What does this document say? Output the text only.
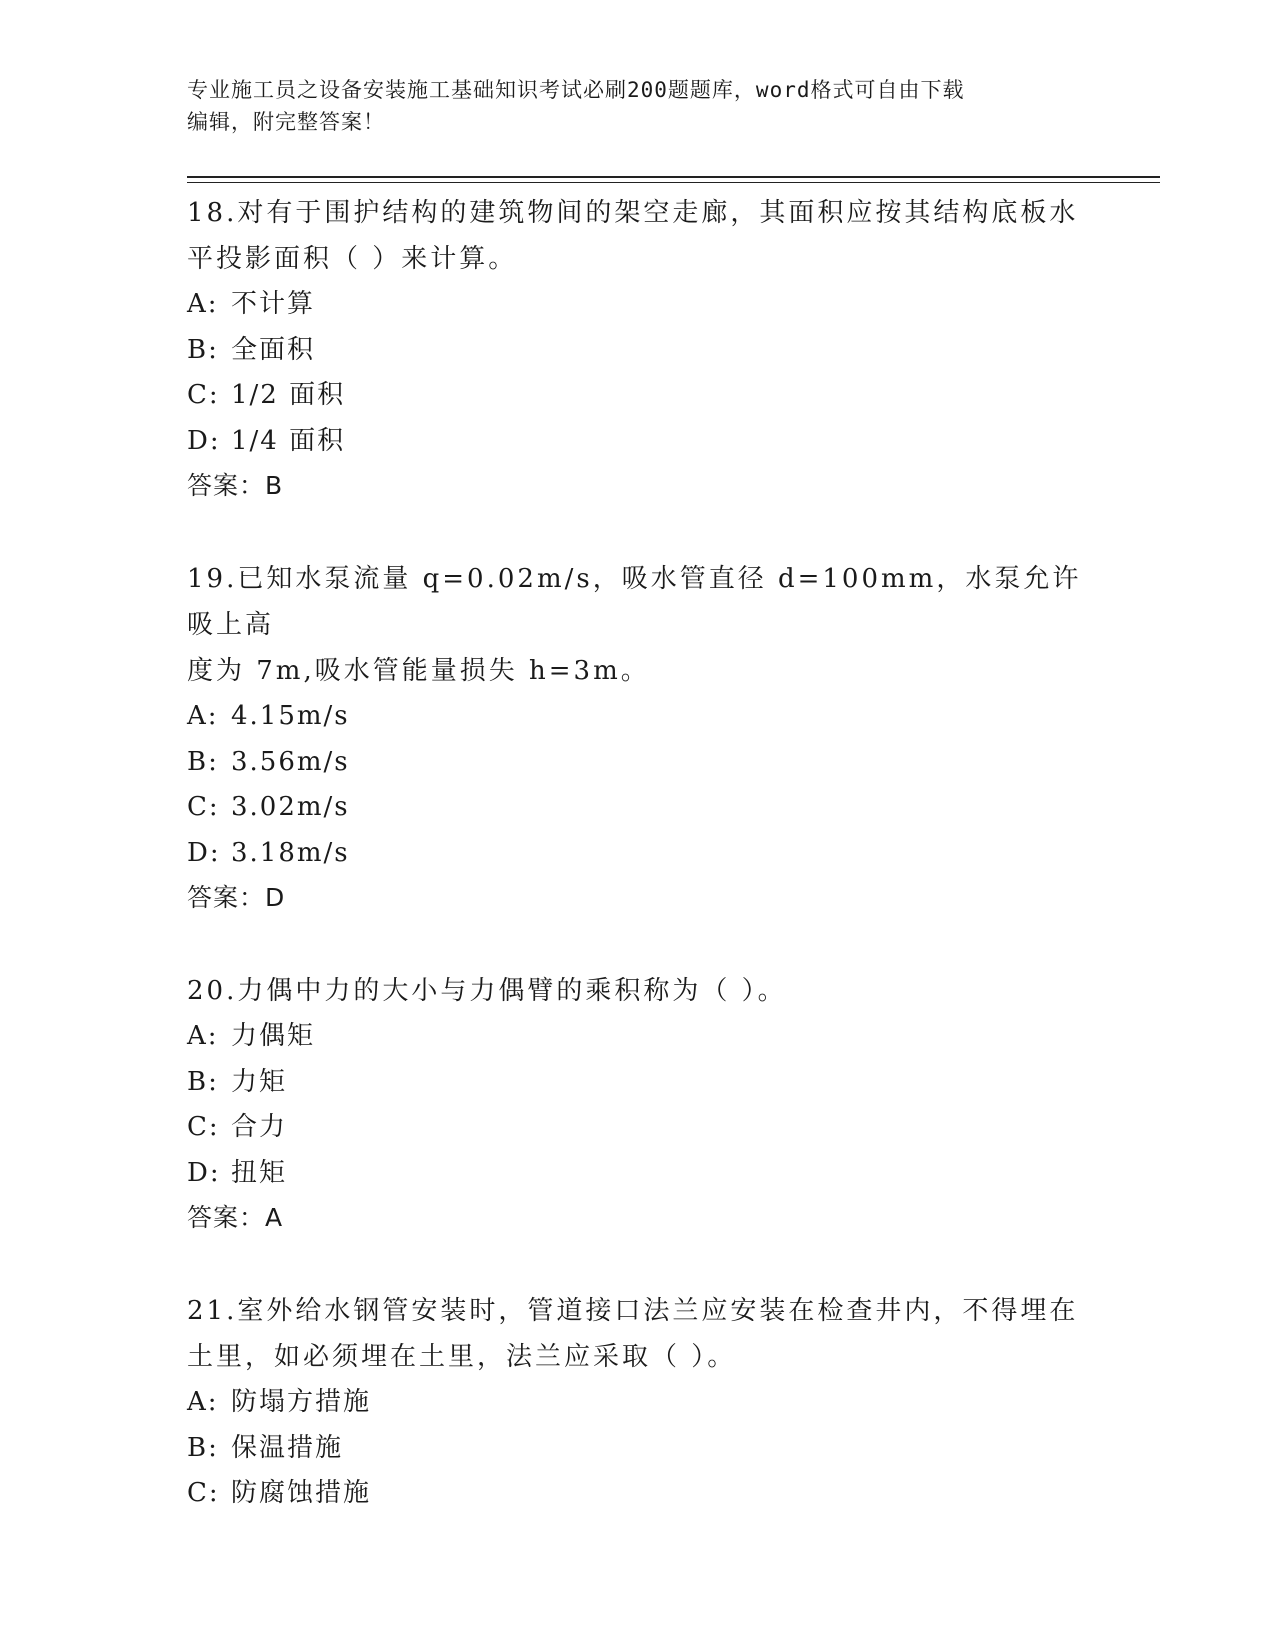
专业施工员之设备安装施工基础知识考试必刷200题题库，word格式可自由下载
编辑，附完整答案！
18.对有于围护结构的建筑物间的架空走廊，其面积应按其结构底板水
平投影面积（ ）来计算。
A: 不计算
B: 全面积
C: 1/2 面积
D: 1/4 面积
答案：B
19.已知水泵流量 q=0.02m/s，吸水管直径 d=100mm，水泵允许吸上高
度为 7m,吸水管能量损失 h=3m。
A: 4.15m/s
B: 3.56m/s
C: 3.02m/s
D: 3.18m/s
答案：D
20.力偶中力的大小与力偶臂的乘积称为（ ）。
A: 力偶矩
B: 力矩
C: 合力
D: 扭矩
答案：A
21.室外给水钢管安装时，管道接口法兰应安装在检查井内，不得埋在
土里，如必须埋在土里，法兰应采取（ ）。
A: 防塌方措施
B: 保温措施
C: 防腐蚀措施
